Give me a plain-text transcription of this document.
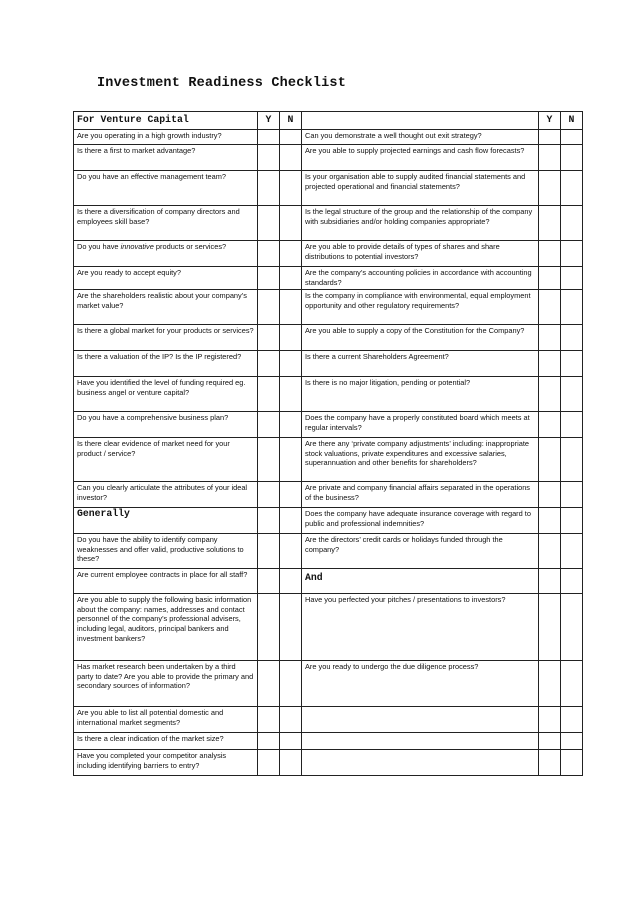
Investment Readiness Checklist
For Venture Capital	Y	N		Y	N
Are you operating in a high growth industry?			Can you demonstrate a well thought out exit strategy?		
Is there a first to market advantage?			Are you able to supply projected earnings and cash flow forecasts?		
Do you have an effective management team?			Is your organisation able to supply audited financial statements and projected operational and financial statements?		
Is there a diversification of company directors and employees skill base?			Is the legal structure of the group and the relationship of the company with subsidiaries and/or holding companies appropriate?		
Do you have innovative products or services?			Are you able to provide details of types of shares and share distributions to potential investors?		
Are you ready to accept equity?			Are the company’s accounting policies in accordance with accounting standards?		
Are the shareholders realistic about your company’s market value?			Is the company in compliance with environmental, equal employment opportunity and other regulatory requirements?		
Is there a global market for your products or services?			Are you able to supply a copy of the Constitution for the Company?		
Is there a valuation of the IP? Is the IP registered?			Is there a current Shareholders Agreement?		
Have you identified the level of funding required eg. business angel or venture capital?			Is there is no major litigation, pending or potential?		
Do you have a comprehensive business plan?			Does the company have a properly constituted board which meets at regular intervals?		
Is there clear evidence of market need for your product / service?			Are there any ‘private company adjustments’ including: inappropriate stock valuations, private expenditures and excessive salaries, superannuation and other benefits for shareholders?		
Can you clearly articulate the attributes of your ideal investor?			Are private and company financial affairs separated in the operations of the business?		
Generally			Does the company have adequate insurance coverage with regard to public and professional indemnities?		
Do you have the ability to identify company weaknesses and offer valid, productive solutions to these?			Are the directors’ credit cards or holidays funded through the company?		
Are current employee contracts in place for all staff?			And		
Are you able to supply the following basic information about the company: names, addresses and contact personnel of the company’s professional advisers, including legal, auditors, principal bankers and investment bankers?			Have you perfected your pitches / presentations to investors?		
Has market research been undertaken by a third party to date? Are you able to provide the primary and secondary sources of information?			Are you ready to undergo the due diligence process?		
Are you able to list all potential domestic and international market segments?					
Is there a clear indication of the market size?					
Have you completed your competitor analysis including identifying barriers to entry?					
